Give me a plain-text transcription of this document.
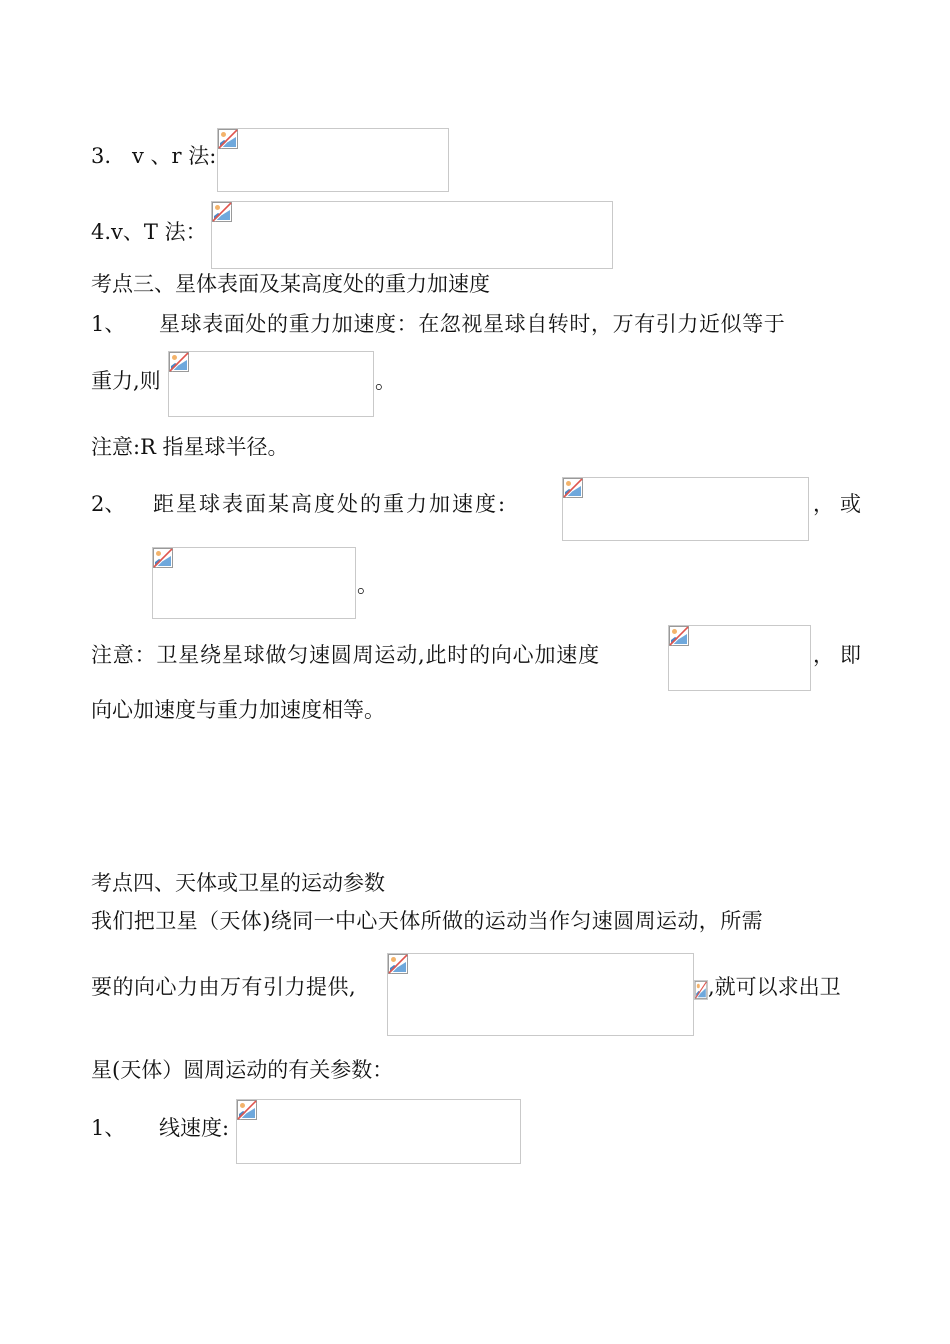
3. v 、r 法:
4.v、T 法：
考点三、星体表面及某高度处的重力加速度
1、 星球表面处的重力加速度：在忽视星球自转时，万有引力近似等于
重力,则	。
注意:R 指星球半径。
2、 距星球表面某高度处的重力加速度:	，或
。
注意：卫星绕星球做匀速圆周运动,此时的向心加速度	，即
向心加速度与重力加速度相等。
考点四、天体或卫星的运动参数
我们把卫星（天体)绕同一中心天体所做的运动当作匀速圆周运动，所需
要的向心力由万有引力提供,	,就可以求出卫
星(天体）圆周运动的有关参数：
1、 线速度:
